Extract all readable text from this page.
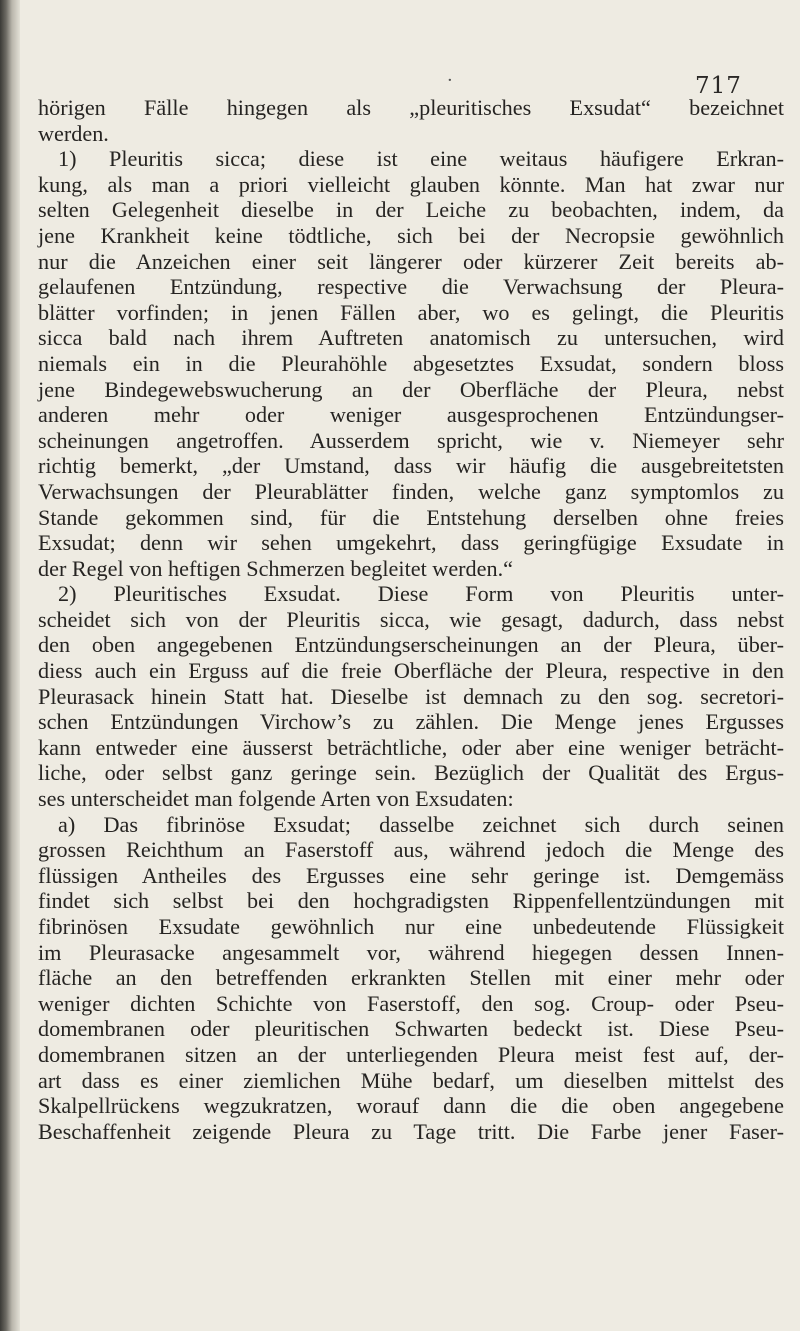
·	717
hörigen Fälle hingegen als „pleuritisches Exsudat“ bezeichnet
werden.
1) Pleuritis sicca; diese ist eine weitaus häufigere Erkran-
kung, als man a priori vielleicht glauben könnte. Man hat zwar nur
selten Gelegenheit dieselbe in der Leiche zu beobachten, indem, da
jene Krankheit keine tödtliche, sich bei der Necropsie gewöhnlich
nur die Anzeichen einer seit längerer oder kürzerer Zeit bereits ab-
gelaufenen Entzündung, respective die Verwachsung der Pleura-
blätter vorfinden; in jenen Fällen aber, wo es gelingt, die Pleuritis
sicca bald nach ihrem Auftreten anatomisch zu untersuchen, wird
niemals ein in die Pleurahöhle abgesetztes Exsudat, sondern bloss
jene Bindegewebswucherung an der Oberfläche der Pleura, nebst
anderen mehr oder weniger ausgesprochenen Entzündungser-
scheinungen angetroffen. Ausserdem spricht, wie v. Niemeyer sehr
richtig bemerkt, „der Umstand, dass wir häufig die ausgebreitetsten
Verwachsungen der Pleurablätter finden, welche ganz symptomlos zu
Stande gekommen sind, für die Entstehung derselben ohne freies
Exsudat; denn wir sehen umgekehrt, dass geringfügige Exsudate in
der Regel von heftigen Schmerzen begleitet werden.“
2) Pleuritisches Exsudat. Diese Form von Pleuritis unter-
scheidet sich von der Pleuritis sicca, wie gesagt, dadurch, dass nebst
den oben angegebenen Entzündungserscheinungen an der Pleura, über-
diess auch ein Erguss auf die freie Oberfläche der Pleura, respective in den
Pleurasack hinein Statt hat. Dieselbe ist demnach zu den sog. secretori-
schen Entzündungen Virchow’s zu zählen. Die Menge jenes Ergusses
kann entweder eine äusserst beträchtliche, oder aber eine weniger beträcht-
liche, oder selbst ganz geringe sein. Bezüglich der Qualität des Ergus-
ses unterscheidet man folgende Arten von Exsudaten:
a) Das fibrinöse Exsudat; dasselbe zeichnet sich durch seinen
grossen Reichthum an Faserstoff aus, während jedoch die Menge des
flüssigen Antheiles des Ergusses eine sehr geringe ist. Demgemäss
findet sich selbst bei den hochgradigsten Rippenfellentzündungen mit
fibrinösen Exsudate gewöhnlich nur eine unbedeutende Flüssigkeit
im Pleurasacke angesammelt vor, während hiegegen dessen Innen-
fläche an den betreffenden erkrankten Stellen mit einer mehr oder
weniger dichten Schichte von Faserstoff, den sog. Croup- oder Pseu-
domembranen oder pleuritischen Schwarten bedeckt ist. Diese Pseu-
domembranen sitzen an der unterliegenden Pleura meist fest auf, der-
art dass es einer ziemlichen Mühe bedarf, um dieselben mittelst des
Skalpellrückens wegzukratzen, worauf dann die die oben angegebene
Beschaffenheit zeigende Pleura zu Tage tritt. Die Farbe jener Faser-
